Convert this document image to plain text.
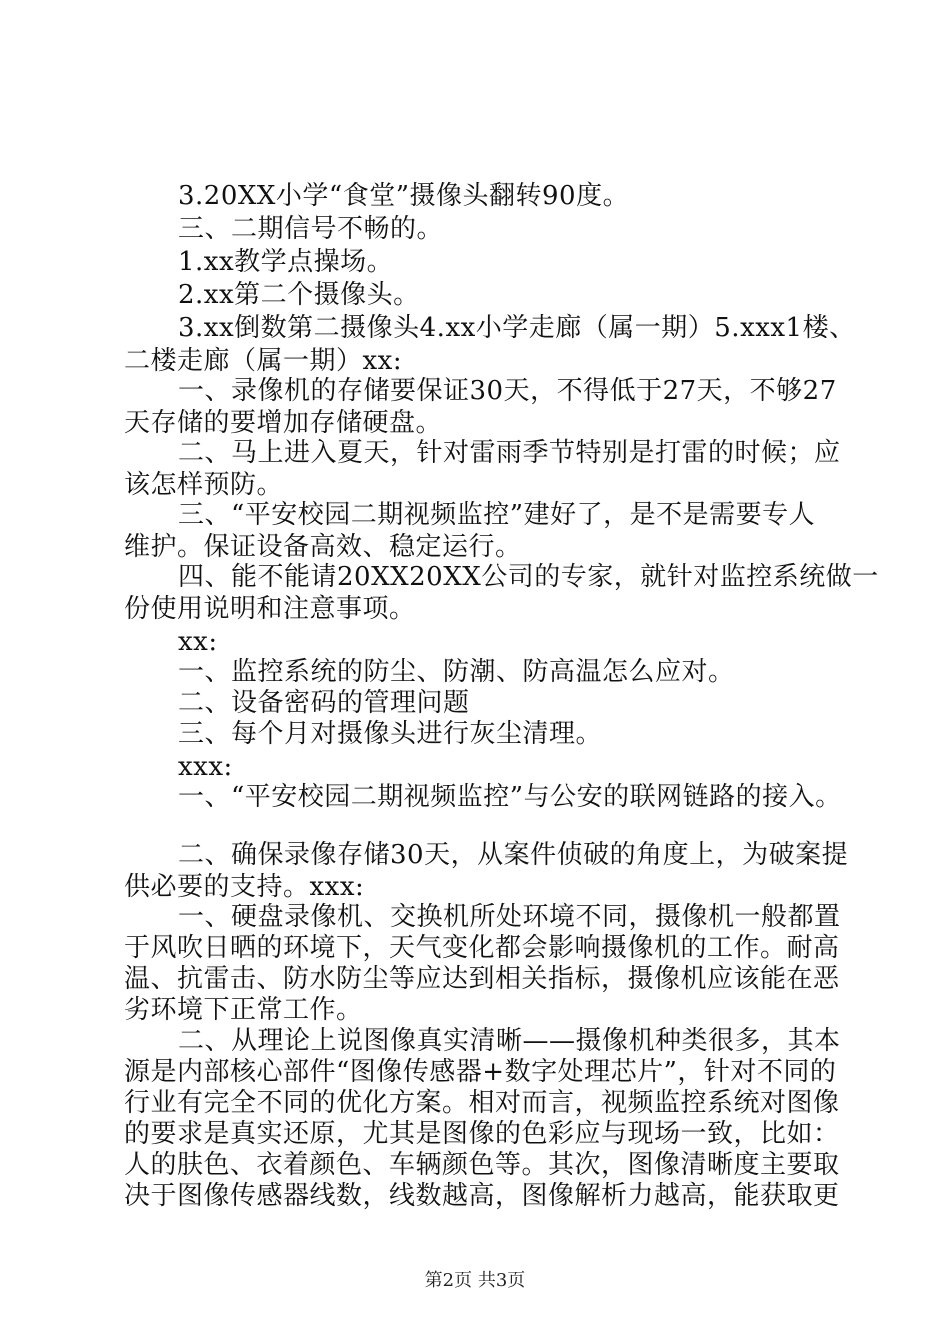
3.20XX小学“食堂”摄像头翻转90度。
三、二期信号不畅的。
1.xx教学点操场。
2.xx第二个摄像头。
3.xx倒数第二摄像头4.xx小学走廊（属一期）5.xxx1楼、
二楼走廊（属一期）xx:
一、录像机的存储要保证30天，不得低于27天，不够27
天存储的要增加存储硬盘。
二、马上进入夏天，针对雷雨季节特别是打雷的时候；应
该怎样预防。
三、“平安校园二期视频监控”建好了，是不是需要专人
维护。保证设备高效、稳定运行。
四、能不能请20XX20XX公司的专家，就针对监控系统做一
份使用说明和注意事项。
xx:
一、监控系统的防尘、防潮、防高温怎么应对。
二、设备密码的管理问题
三、每个月对摄像头进行灰尘清理。
xxx:
一、“平安校园二期视频监控”与公安的联网链路的接入。
二、确保录像存储30天，从案件侦破的角度上，为破案提
供必要的支持。xxx:
一、硬盘录像机、交换机所处环境不同，摄像机一般都置
于风吹日晒的环境下，天气变化都会影响摄像机的工作。耐高
温、抗雷击、防水防尘等应达到相关指标，摄像机应该能在恶
劣环境下正常工作。
二、从理论上说图像真实清晰——摄像机种类很多，其本
源是内部核心部件“图像传感器+数字处理芯片”，针对不同的
行业有完全不同的优化方案。相对而言，视频监控系统对图像
的要求是真实还原，尤其是图像的色彩应与现场一致，比如：
人的肤色、衣着颜色、车辆颜色等。其次，图像清晰度主要取
决于图像传感器线数，线数越高，图像解析力越高，能获取更
第2页 共3页
